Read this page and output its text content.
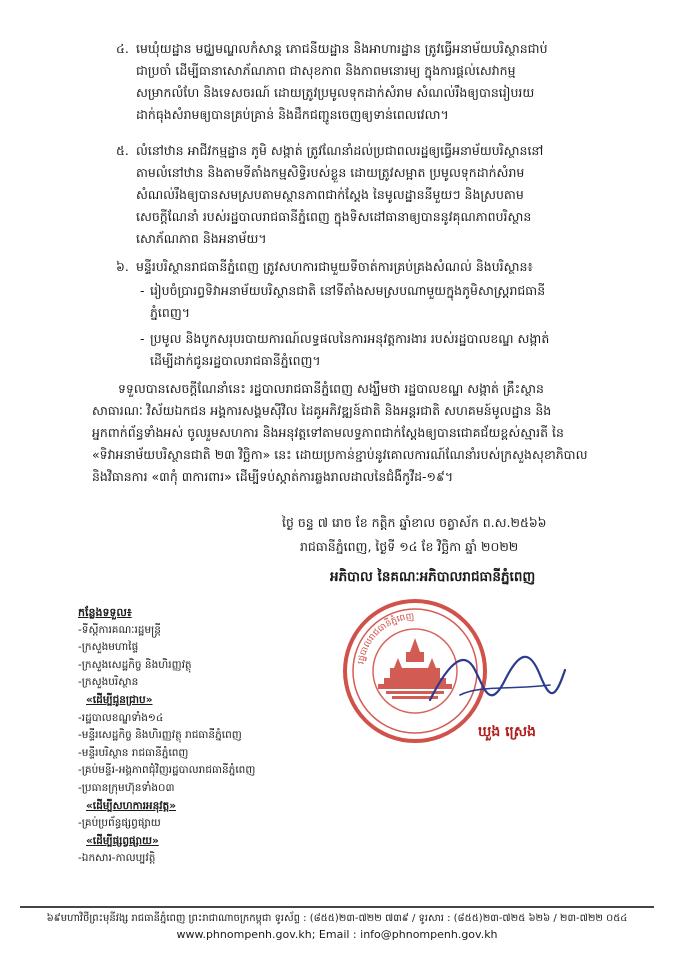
៤. មេឃុំយដ្ឋាន មជ្ឈមណ្ឌលកំសាន្ត ភោជនីយដ្ឋាន និងអាហារដ្ឋាន ត្រូវធ្វើអនាម័យបរិស្ថានជាប់

ជាប្រចាំ ដើម្បីធានាសោភ័ណភាព ជាសុខភាព និងភាពមនោរម្យ ក្នុងការផ្តល់សេវាកម្ម

សម្រាកលំហែ និងទេសចរណ៍ ដោយត្រូវប្រមូលទុកដាក់សំរាម សំណល់រឹងឲ្យបានរៀបរយ

ដាក់ធុងសំរាមឲ្យបានគ្រប់គ្រាន់ និងដឹកជញ្ជូនចេញឲ្យទាន់ពេលវេលា។

៥. លំនៅឋាន អាជីវកម្មដ្ឋាន ភូមិ សង្កាត់ ត្រូវណែនាំដល់ប្រជាពលរដ្ឋឲ្យធ្វើអនាម័យបរិស្ថាននៅ

តាមលំនៅឋាន និងតាមទីតាំងកម្មសិទ្ធិរបស់ខ្លួន ដោយត្រូវសម្អាត ប្រមូលទុកដាក់សំរាម

សំណល់រឹងឲ្យបានសមស្របតាមស្ថានភាពជាក់ស្តែង នៃមូលដ្ឋាននីមួយៗ និងស្របតាម

សេចក្តីណែនាំ របស់រដ្ឋបាលរាជធានីភ្នំពេញ ក្នុងទិសដៅធានាឲ្យបាននូវគុណភាពបរិស្ថាន

សោភ័ណភាព និងអនាម័យ។

៦. មន្ទីរបរិស្ថានរាជធានីភ្នំពេញ ត្រូវសហការជាមួយទីចាត់ការគ្រប់គ្រងសំណល់ និងបរិស្ថាន៖

- រៀបចំប្រារព្ធទិវាអនាម័យបរិស្ថានជាតិ នៅទីតាំងសមស្របណាមួយក្នុងភូមិសាស្ត្ររាជធានី

ភ្នំពេញ។

- ប្រមូល និងបូកសរុបរបាយការណ៍លទ្ធផលនៃការអនុវត្តការងារ របស់រដ្ឋបាលខណ្ឌ សង្កាត់

ដើម្បីដាក់ជូនរដ្ឋបាលរាជធានីភ្នំពេញ។

ទទួលបានសេចក្តីណែនាំនេះ រដ្ឋបាលរាជធានីភ្នំពេញ សង្ឃឹមថា រដ្ឋបាលខណ្ឌ សង្កាត់ គ្រឹះស្ថាន
សាធារណៈ វិស័យឯកជន អង្គការសង្គមស៊ីវិល ដៃគូអភិវឌ្ឍន៍ជាតិ និងអន្តរជាតិ សហគមន៍មូលដ្ឋាន និង
អ្នកពាក់ព័ន្ធទាំងអស់ ចូលរួមសហការ និងអនុវត្តទៅតាមលទ្ធភាពជាក់ស្តែងឲ្យបានជោគជ័យខ្ពស់ស្មារតី នៃ
«ទិវាអនាម័យបរិស្ថានជាតិ ២៣ វិច្ឆិកា» នេះ ដោយប្រកាន់ខ្ជាប់នូវគោលការណ៍ណែនាំរបស់ក្រសួងសុខាភិបាល
និងវិធានការ «៣កុំ ៣ការពារ» ដើម្បីទប់ស្កាត់ការឆ្លងរាលដាលនៃជំងឺកូវីដ-១៩។
ថ្ងៃ ចន្ទ ៧ រោច ខែ កត្តិក ឆ្នាំខាល ចត្វាស័ក ព.ស.២៥៦៦
រាជធានីភ្នំពេញ, ថ្ងៃទី ១៤ ខែ វិច្ឆិកា ឆ្នាំ ២០២២
អភិបាល នៃគណៈអភិបាលរាជធានីភ្នំពេញ
រដ្ឋបាលរាជធានីភ្នំពេញ
ឃួង ស្រេង
កន្លែងទទួល៖
-ទីស្តីការគណៈរដ្ឋមន្ត្រី
-ក្រសួងមហាផ្ទៃ
-ក្រសួងសេដ្ឋកិច្ច និងហិរញ្ញវត្ថុ
-ក្រសួងបរិស្ថាន
«ដើម្បីជូនជ្រាប»
-រដ្ឋបាលខណ្ឌទាំង១៤
-មន្ទីរសេដ្ឋកិច្ច និងហិរញ្ញវត្ថុ រាជធានីភ្នំពេញ
-មន្ទីរបរិស្ថាន រាជធានីភ្នំពេញ
-គ្រប់មន្ទីរ-អង្គភាពជុំវិញរដ្ឋបាលរាជធានីភ្នំពេញ
-ប្រធានក្រុមហ៊ុនទាំង០៣
«ដើម្បីសហការអនុវត្ត»
-គ្រប់ប្រព័ន្ធផ្សព្វផ្សាយ
«ដើម្បីផ្សព្វផ្សាយ»
-ឯកសារ-កាលប្បវត្តិ
៦៩មហាវិថីព្រះមុនីវង្ស រាជធានីភ្នំពេញ ព្រះរាជាណាចក្រកម្ពុជា ទូរស័ព្ទ : (៨៥៥)២៣-៧២២ ៧៣៩ / ទូរសារ : (៨៥៥)២៣-៧២៥ ៦២៦ / ២៣-៧២២ ០៥៤
www.phnompenh.gov.kh; Email : info@phnompenh.gov.kh
